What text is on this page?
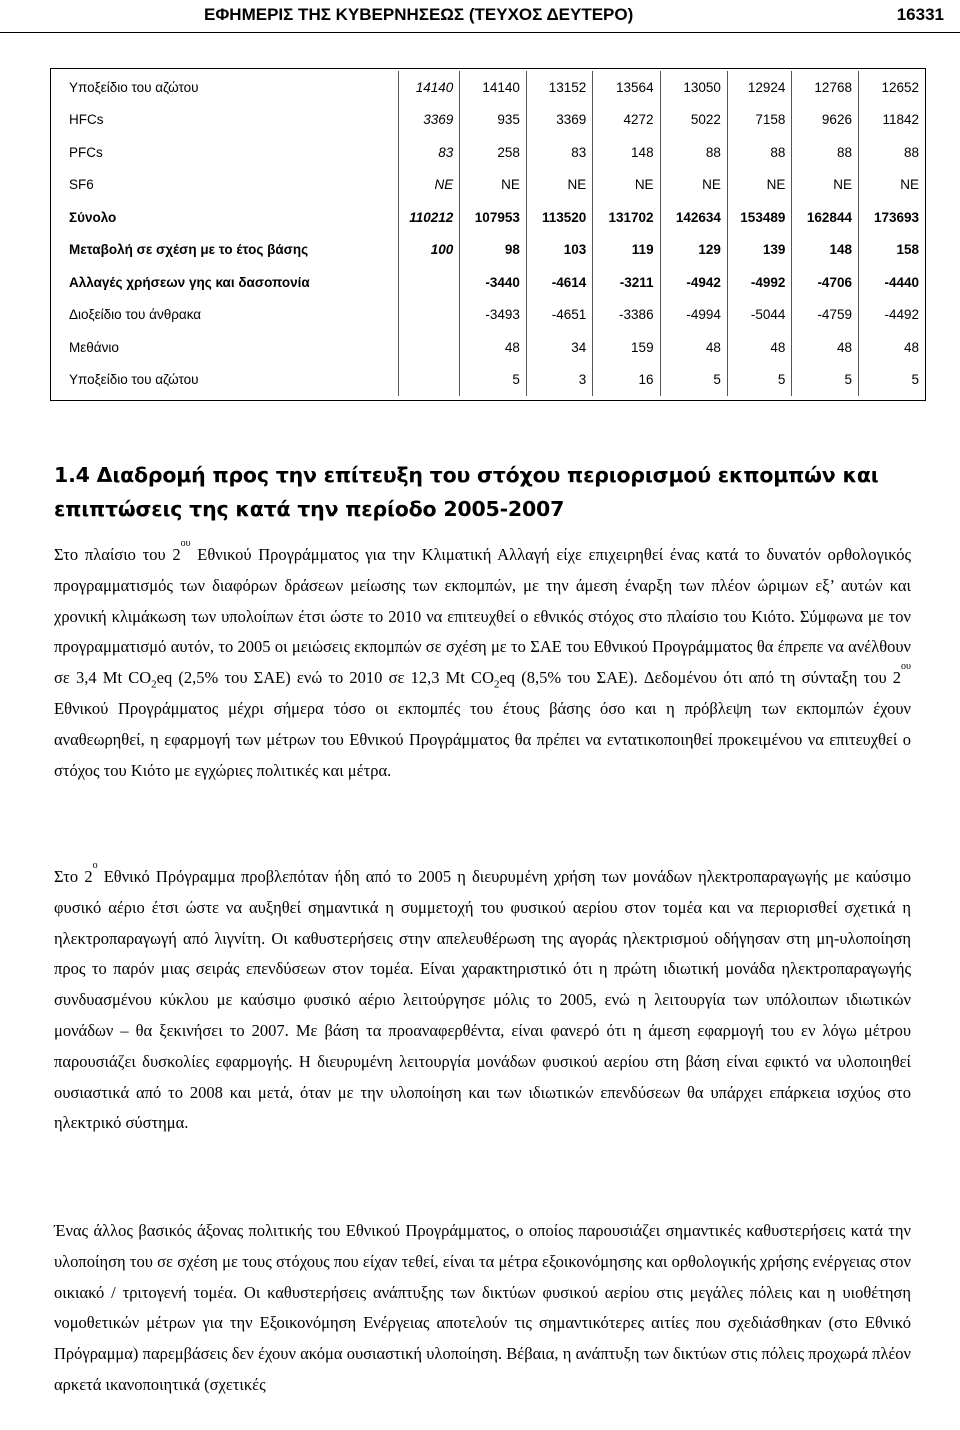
ΕΦΗΜΕΡΙΣ ΤΗΣ ΚΥΒΕΡΝΗΣΕΩΣ (ΤΕΥΧΟΣ ΔΕΥΤΕΡΟ)	16331
Υποξείδιο του αζώτου	14140	14140	13152	13564	13050	12924	12768	12652
HFCs	3369	935	3369	4272	5022	7158	9626	11842
PFCs	83	258	83	148	88	88	88	88
SF6	NE	NE	NE	NE	NE	NE	NE	NE
Σύνολο	110212	107953	113520	131702	142634	153489	162844	173693
Μεταβολή σε σχέση με το έτος βάσης	100	98	103	119	129	139	148	158
Αλλαγές χρήσεων γης και δασοπονία		-3440	-4614	-3211	-4942	-4992	-4706	-4440
Διοξείδιο του άνθρακα		-3493	-4651	-3386	-4994	-5044	-4759	-4492
Μεθάνιο		48	34	159	48	48	48	48
Υποξείδιο του αζώτου		5	3	16	5	5	5	5
1.4 Διαδρομή προς την επίτευξη του στόχου περιορισμού εκπομπών και επιπτώσεις της κατά την περίοδο 2005-2007

Στο πλαίσιο του $2^{o\upsilon}$ Εθνικού Προγράμματος για την Κλιματική Αλλαγή είχε επιχειρηθεί ένας κατά το δυνατόν ορθολογικός προγραμματισμός των διαφόρων δράσεων μείωσης των εκπομπών, με την άμεση έναρξη των πλέον ώριμων εξ’ αυτών και χρονική κλιμάκωση των υπολοίπων έτσι ώστε το 2010 να επιτευχθεί ο εθνικός στόχος στο πλαίσιο του Κιότο. Σύμφωνα με τον προγραμματισμό αυτόν, το 2005 οι μειώσεις εκπομπών σε σχέση με το ΣΑΕ του Εθνικού Προγράμματος θα έπρεπε να ανέλθουν σε 3,4 Mt $CO_2eq$ (2,5% του ΣΑΕ) ενώ το 2010 σε 12,3 Mt $CO_2eq$ (8,5% του ΣΑΕ). Δεδομένου ότι από τη σύνταξη του $2^{o\upsilon}$ Εθνικού Προγράμματος μέχρι σήμερα τόσο οι εκπομπές του έτους βάσης όσο και η πρόβλεψη των εκπομπών έχουν αναθεωρηθεί, η εφαρμογή των μέτρων του Εθνικού Προγράμματος θα πρέπει να εντατικοποιηθεί προκειμένου να επιτευχθεί ο στόχος του Κιότο με εγχώριες πολιτικές και μέτρα.

Στο $2^o$ Εθνικό Πρόγραμμα προβλεπόταν ήδη από το 2005 η διευρυμένη χρήση των μονάδων ηλεκτροπαραγωγής με καύσιμο φυσικό αέριο έτσι ώστε να αυξηθεί σημαντικά η συμμετοχή του φυσικού αερίου στον τομέα και να περιορισθεί σχετικά η ηλεκτροπαραγωγή από λιγνίτη. Οι καθυστερήσεις στην απελευθέρωση της αγοράς ηλεκτρισμού οδήγησαν στη μη-υλοποίηση προς το παρόν μιας σειράς επενδύσεων στον τομέα. Είναι χαρακτηριστικό ότι η πρώτη ιδιωτική μονάδα ηλεκτροπαραγωγής συνδυασμένου κύκλου με καύσιμο φυσικό αέριο λειτούργησε μόλις το 2005, ενώ η λειτουργία των υπόλοιπων ιδιωτικών μονάδων – θα ξεκινήσει το 2007. Με βάση τα προαναφερθέντα, είναι φανερό ότι η άμεση εφαρμογή του εν λόγω μέτρου παρουσιάζει δυσκολίες εφαρμογής. Η διευρυμένη λειτουργία μονάδων φυσικού αερίου στη βάση είναι εφικτό να υλοποιηθεί ουσιαστικά από το 2008 και μετά, όταν με την υλοποίηση και των ιδιωτικών επενδύσεων θα υπάρχει επάρκεια ισχύος στο ηλεκτρικό σύστημα.

Ένας άλλος βασικός άξονας πολιτικής του Εθνικού Προγράμματος, ο οποίος παρουσιάζει σημαντικές καθυστερήσεις κατά την υλοποίηση του σε σχέση με τους στόχους που είχαν τεθεί, είναι τα μέτρα εξοικονόμησης και ορθολογικής χρήσης ενέργειας στον οικιακό / τριτογενή τομέα. Οι καθυστερήσεις ανάπτυξης των δικτύων φυσικού αερίου στις μεγάλες πόλεις και η υιοθέτηση νομοθετικών μέτρων για την Εξοικονόμηση Ενέργειας αποτελούν τις σημαντικότερες αιτίες που σχεδιάσθηκαν (στο Εθνικό Πρόγραμμα) παρεμβάσεις δεν έχουν ακόμα ουσιαστική υλοποίηση. Βέβαια, η ανάπτυξη των δικτύων στις πόλεις προχωρά πλέον αρκετά ικανοποιητικά (σχετικές
